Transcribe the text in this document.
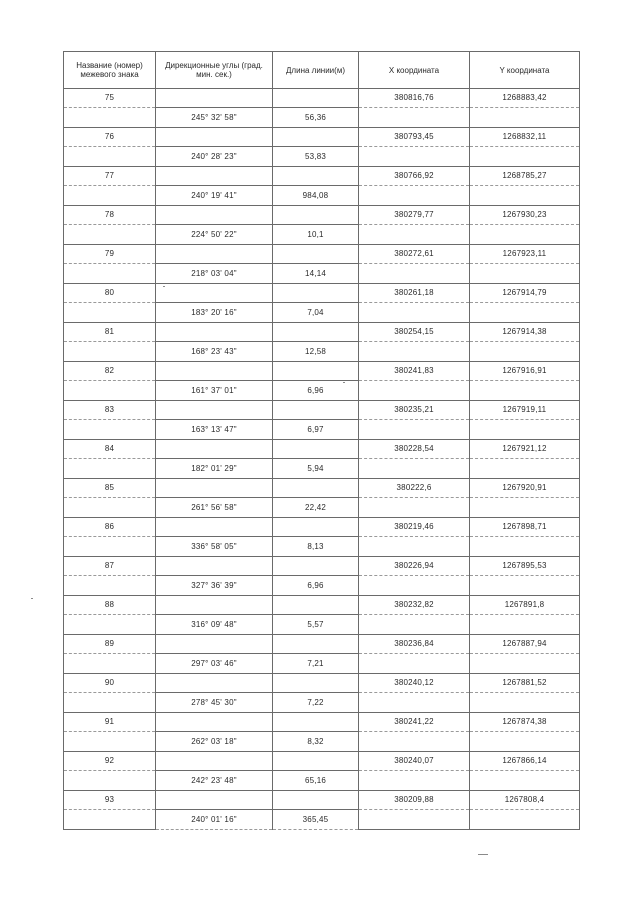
Название (номер) межевого знака	Дирекционные углы (град. мин. сек.)	Длина линии(м)	X координата	Y координата
75			380816,76	1268883,42
	245° 32' 58"	56,36		
76			380793,45	1268832,11
	240° 28' 23"	53,83		
77			380766,92	1268785,27
	240° 19' 41"	984,08		
78			380279,77	1267930,23
	224° 50' 22"	10,1		
79			380272,61	1267923,11
	218° 03' 04"	14,14		
80			380261,18	1267914,79
	183° 20' 16"	7,04		
81			380254,15	1267914,38
	168° 23' 43"	12,58		
82			380241,83	1267916,91
	161° 37' 01"	6,96		
83			380235,21	1267919,11
	163° 13' 47"	6,97		
84			380228,54	1267921,12
	182° 01' 29"	5,94		
85			380222,6	1267920,91
	261° 56' 58"	22,42		
86			380219,46	1267898,71
	336° 58' 05"	8,13		
87			380226,94	1267895,53
	327° 36' 39"	6,96		
88			380232,82	1267891,8
	316° 09' 48"	5,57		
89			380236,84	1267887,94
	297° 03' 46"	7,21		
90			380240,12	1267881,52
	278° 45' 30"	7,22		
91			380241,22	1267874,38
	262° 03' 18"	8,32		
92			380240,07	1267866,14
	242° 23' 48"	65,16		
93			380209,88	1267808,4
	240° 01' 16"	365,45		
